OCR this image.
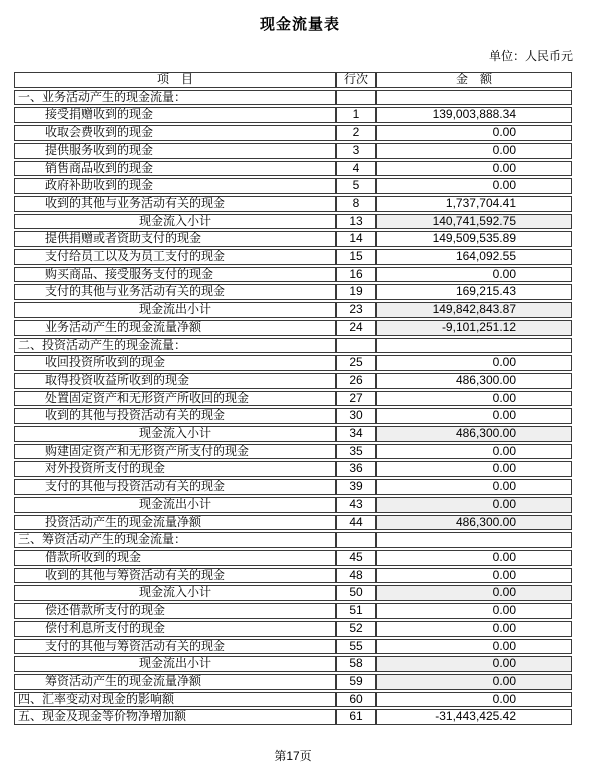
现金流量表
单位：人民币元
项　目	行次	金　额
一、业务活动产生的现金流量：		
接受捐赠收到的现金	1	139,003,888.34
收取会费收到的现金	2	0.00
提供服务收到的现金	3	0.00
销售商品收到的现金	4	0.00
政府补助收到的现金	5	0.00
收到的其他与业务活动有关的现金	8	1,737,704.41
现金流入小计	13	140,741,592.75
提供捐赠或者资助支付的现金	14	149,509,535.89
支付给员工以及为员工支付的现金	15	164,092.55
购买商品、接受服务支付的现金	16	0.00
支付的其他与业务活动有关的现金	19	169,215.43
现金流出小计	23	149,842,843.87
业务活动产生的现金流量净额	24	-9,101,251.12
二、投资活动产生的现金流量：		
收回投资所收到的现金	25	0.00
取得投资收益所收到的现金	26	486,300.00
处置固定资产和无形资产所收回的现金	27	0.00
收到的其他与投资活动有关的现金	30	0.00
现金流入小计	34	486,300.00
购建固定资产和无形资产所支付的现金	35	0.00
对外投资所支付的现金	36	0.00
支付的其他与投资活动有关的现金	39	0.00
现金流出小计	43	0.00
投资活动产生的现金流量净额	44	486,300.00
三、筹资活动产生的现金流量：		
借款所收到的现金	45	0.00
收到的其他与筹资活动有关的现金	48	0.00
现金流入小计	50	0.00
偿还借款所支付的现金	51	0.00
偿付利息所支付的现金	52	0.00
支付的其他与筹资活动有关的现金	55	0.00
现金流出小计	58	0.00
筹资活动产生的现金流量净额	59	0.00
四、汇率变动对现金的影响额	60	0.00
五、现金及现金等价物净增加额	61	-31,443,425.42
第17页
